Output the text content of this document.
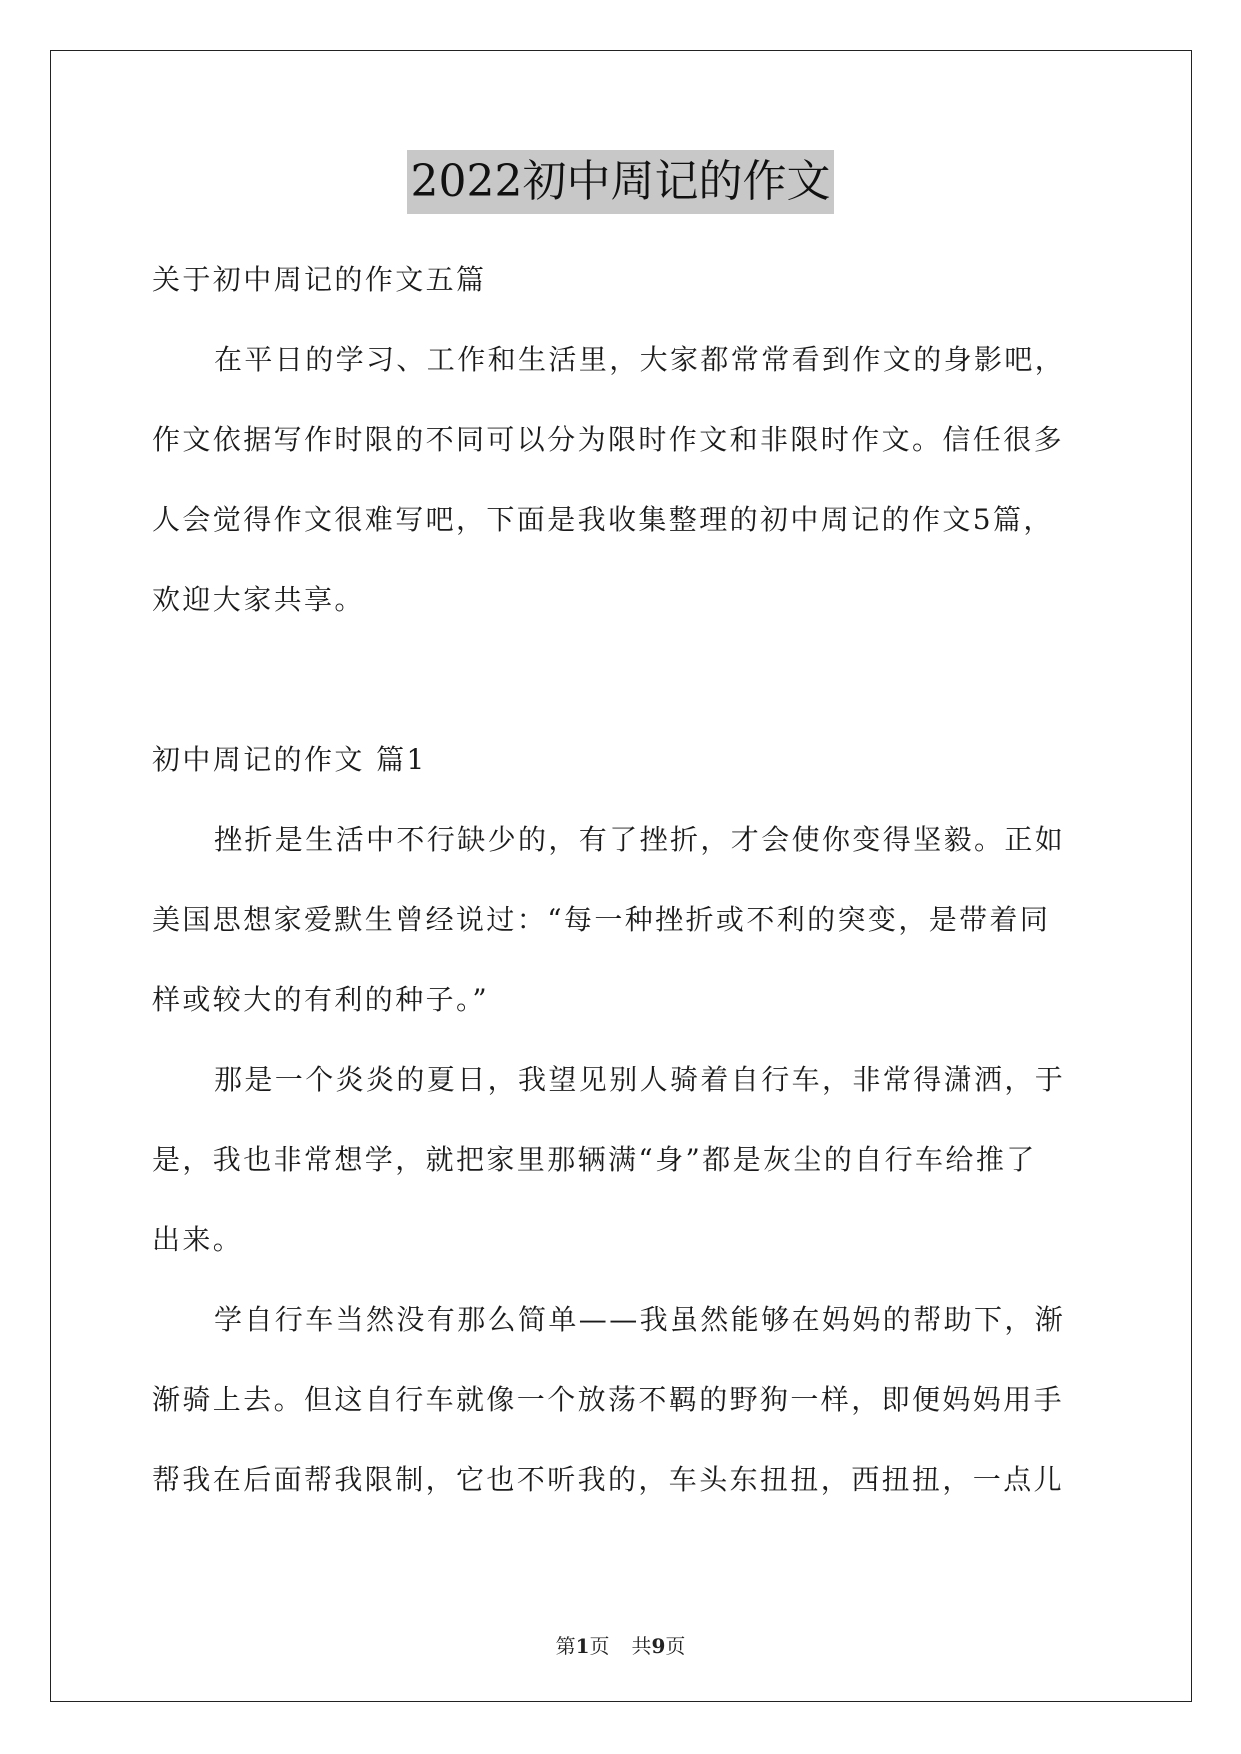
2022初中周记的作文
关于初中周记的作文五篇
在平日的学习、工作和生活里，大家都常常看到作文的身影吧，
作文依据写作时限的不同可以分为限时作文和非限时作文。信任很多
人会觉得作文很难写吧，下面是我收集整理的初中周记的作文5篇，
欢迎大家共享。
初中周记的作文 篇1
挫折是生活中不行缺少的，有了挫折，才会使你变得坚毅。正如
美国思想家爱默生曾经说过：“每一种挫折或不利的突变，是带着同
样或较大的有利的种子。”
那是一个炎炎的夏日，我望见别人骑着自行车，非常得潇洒，于
是，我也非常想学，就把家里那辆满“身”都是灰尘的自行车给推了
出来。
学自行车当然没有那么简单——我虽然能够在妈妈的帮助下，渐
渐骑上去。但这自行车就像一个放荡不羁的野狗一样，即便妈妈用手
帮我在后面帮我限制，它也不听我的，车头东扭扭，西扭扭，一点儿
第1页 共9页
